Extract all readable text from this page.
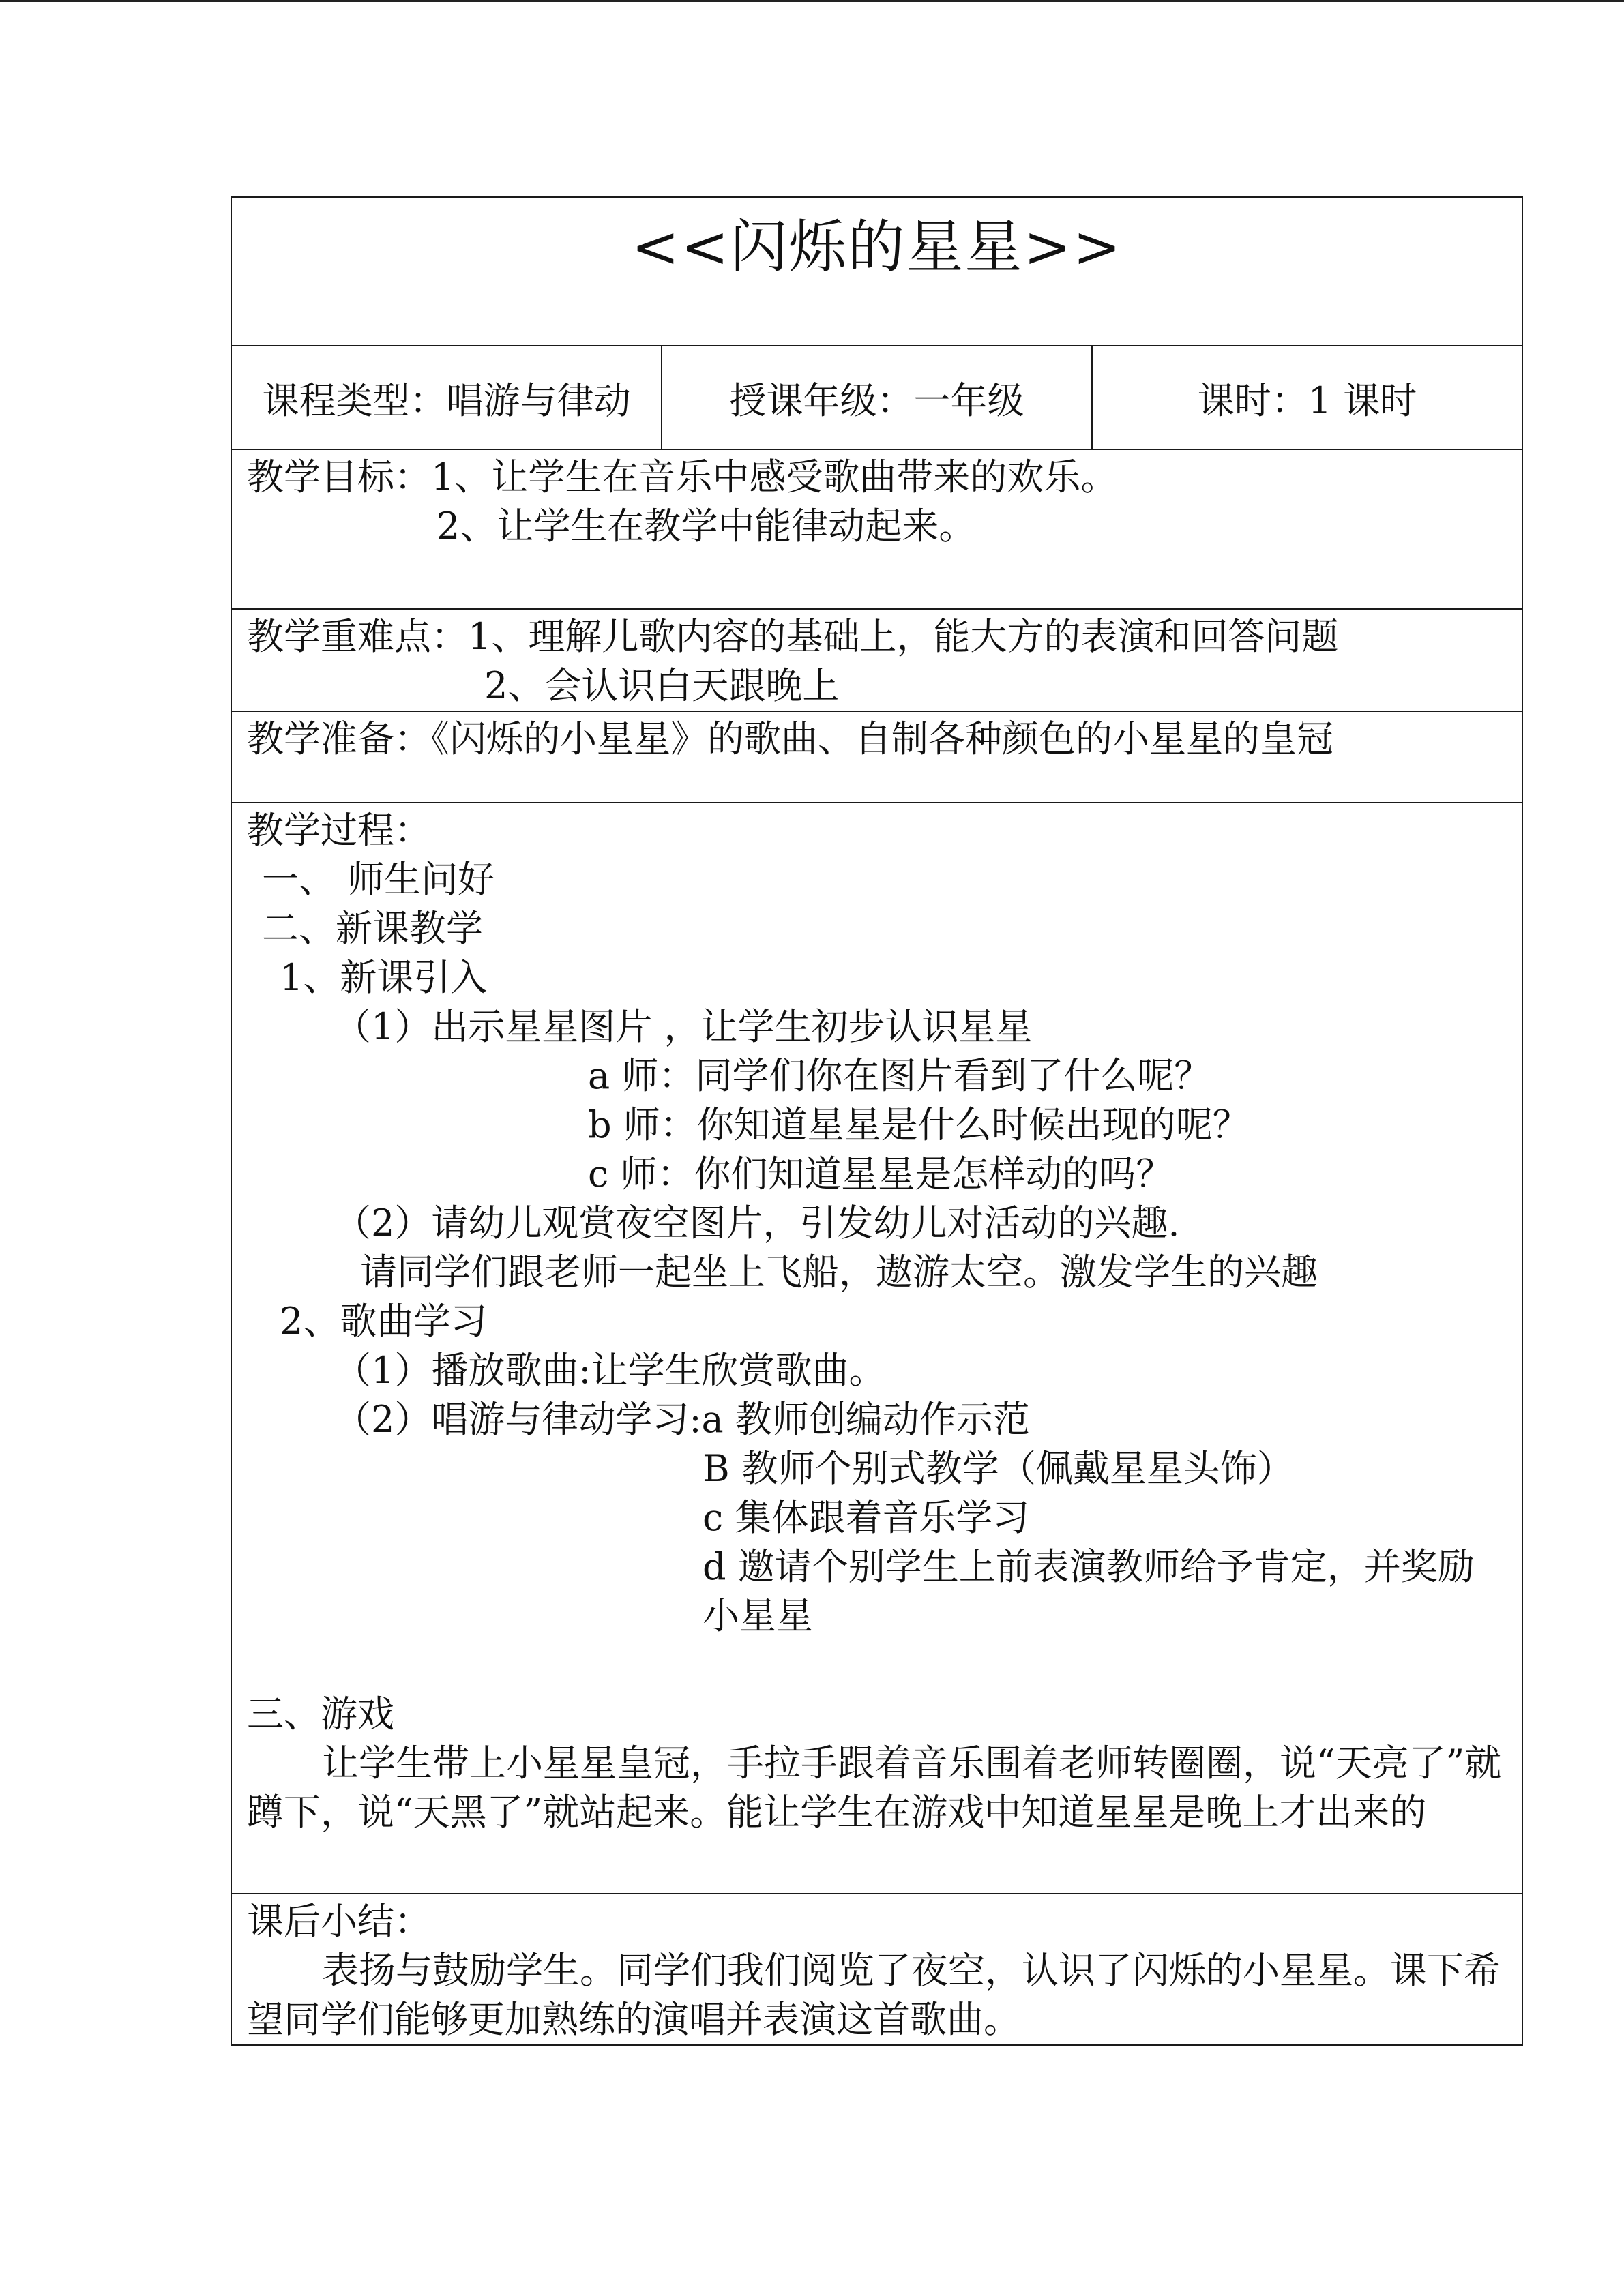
<<闪烁的星星>>

课程类型：唱游与律动	授课年级：一年级	课时：1 课时

教学目标：1、让学生在音乐中感受歌曲带来的欢乐。
2、让学生在教学中能律动起来。

教学重难点：1、理解儿歌内容的基础上，能大方的表演和回答问题
2、会认识白天跟晚上

教学准备：《闪烁的小星星》的歌曲、自制各种颜色的小星星的皇冠

教学过程：
一、 师生问好
二、新课教学
1、新课引入
（1）出示星星图片 ，让学生初步认识星星
a 师：同学们你在图片看到了什么呢？
b 师：你知道星星是什么时候出现的呢？
c 师：你们知道星星是怎样动的吗？
（2）请幼儿观赏夜空图片，引发幼儿对活动的兴趣.
请同学们跟老师一起坐上飞船，遨游太空。激发学生的兴趣
2、歌曲学习
（1）播放歌曲:让学生欣赏歌曲。
（2）唱游与律动学习:a 教师创编动作示范
B 教师个别式教学（佩戴星星头饰）
c 集体跟着音乐学习
d 邀请个别学生上前表演教师给予肯定，并奖励小星星
三、游戏
让学生带上小星星皇冠，手拉手跟着音乐围着老师转圈圈，说“天亮了”就蹲下，说“天黑了”就站起来。能让学生在游戏中知道星星是晚上才出来的

课后小结：
表扬与鼓励学生。同学们我们阅览了夜空，认识了闪烁的小星星。课下希望同学们能够更加熟练的演唱并表演这首歌曲。
